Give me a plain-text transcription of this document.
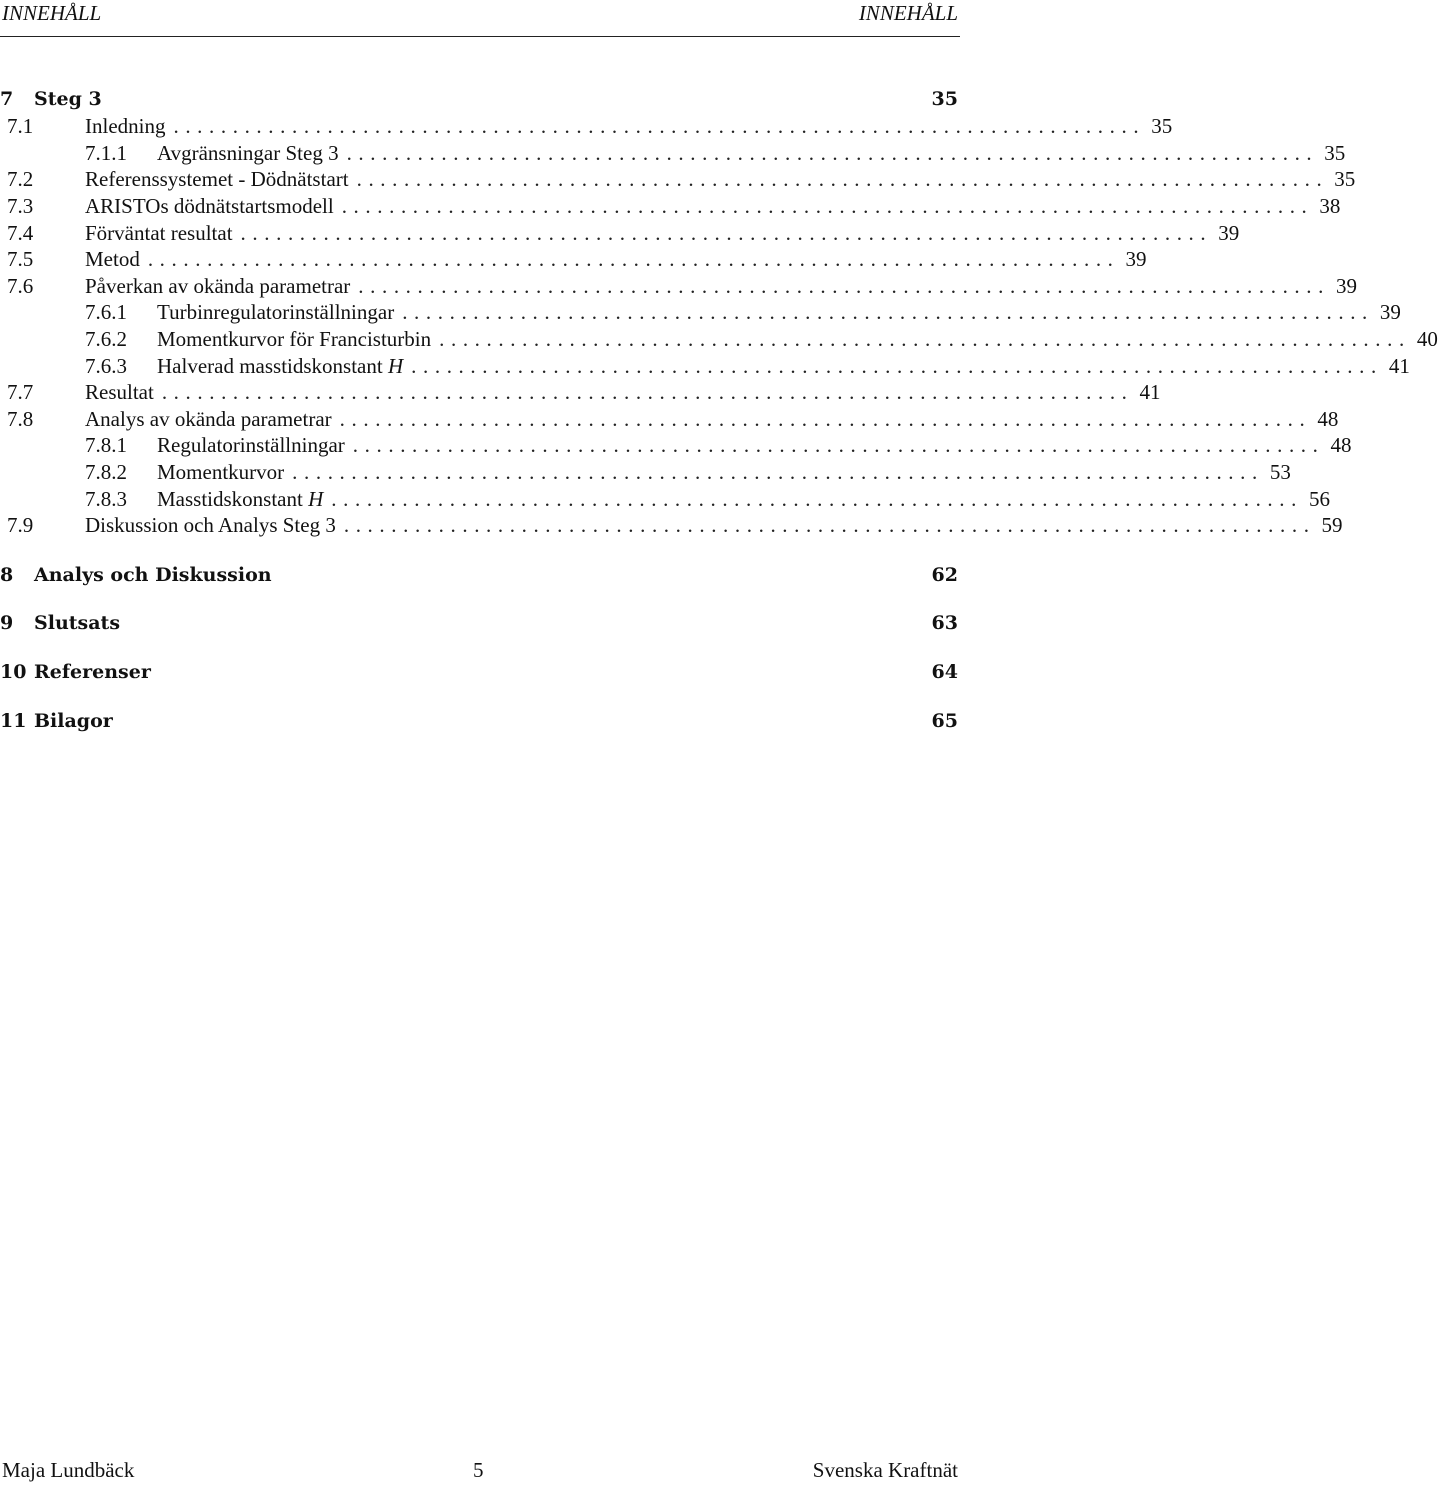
INNEHÅLL	INNEHÅLL
7	Steg 3	35
7.1	Inledning .................................................................................. 35
7.1.1	Avgränsningar Steg 3 .................................................................................. 35
7.2	Referenssystemet - Dödnätstart .................................................................................. 35
7.3	ARISTOs dödnätstartsmodell .................................................................................. 38
7.4	Förväntat resultat .................................................................................. 39
7.5	Metod .................................................................................. 39
7.6	Påverkan av okända parametrar .................................................................................. 39
7.6.1	Turbinregulatorinställningar .................................................................................. 39
7.6.2	Momentkurvor för Francisturbin .................................................................................. 40
7.6.3	Halverad masstidskonstant H .................................................................................. 41
7.7	Resultat .................................................................................. 41
7.8	Analys av okända parametrar .................................................................................. 48
7.8.1	Regulatorinställningar .................................................................................. 48
7.8.2	Momentkurvor .................................................................................. 53
7.8.3	Masstidskonstant H .................................................................................. 56
7.9	Diskussion och Analys Steg 3 .................................................................................. 59
8	Analys och Diskussion	62
9	Slutsats	63
10 Referenser	64
11 Bilagor	65
Maja Lundbäck	5	Svenska Kraftnät
